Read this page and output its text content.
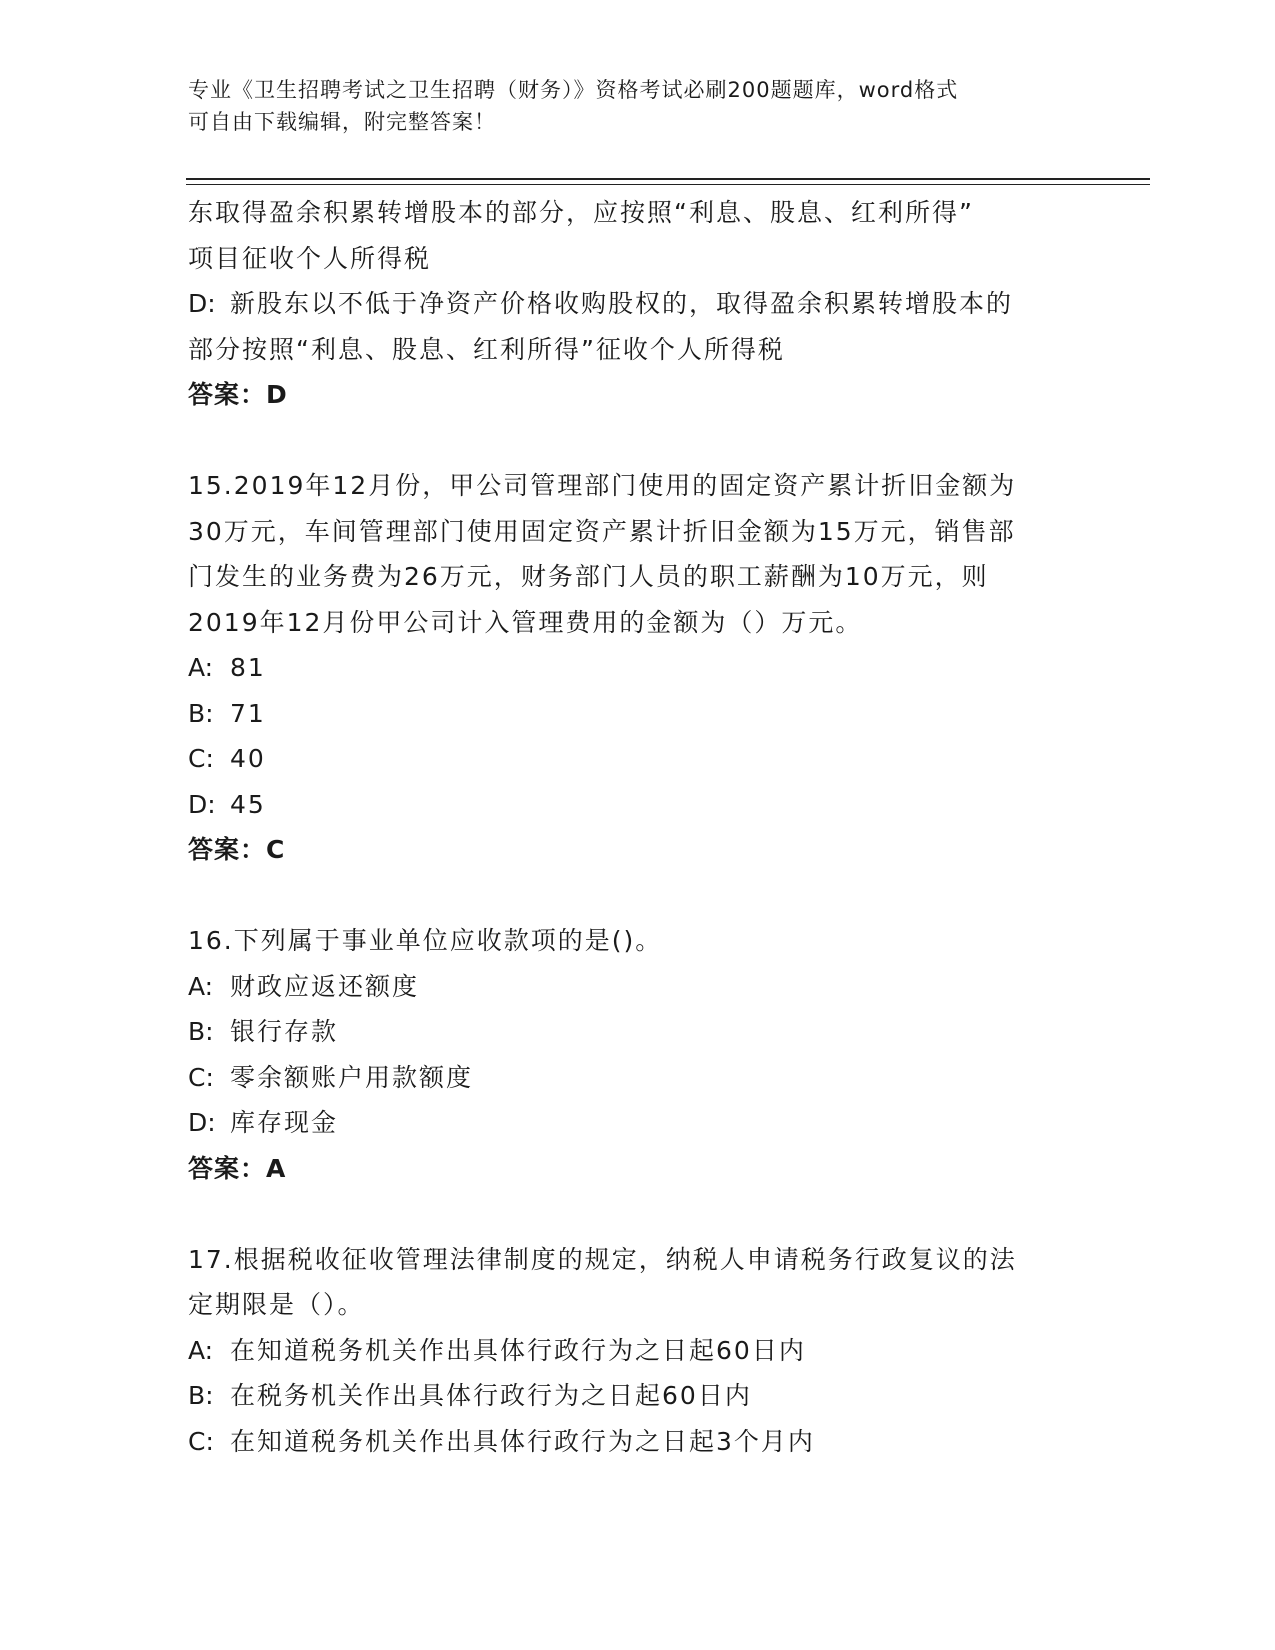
专业《卫生招聘考试之卫生招聘（财务）》资格考试必刷200题题库，word格式
可自由下载编辑，附完整答案！
东取得盈余积累转增股本的部分，应按照“利息、股息、红利所得”
项目征收个人所得税
D: 新股东以不低于净资产价格收购股权的，取得盈余积累转增股本的
部分按照“利息、股息、红利所得”征收个人所得税
答案：D
15.2019年12月份，甲公司管理部门使用的固定资产累计折旧金额为
30万元，车间管理部门使用固定资产累计折旧金额为15万元，销售部
门发生的业务费为26万元，财务部门人员的职工薪酬为10万元，则
2019年12月份甲公司计入管理费用的金额为（）万元。
A: 81
B: 71
C: 40
D: 45
答案：C
16.下列属于事业单位应收款项的是()。
A: 财政应返还额度
B: 银行存款
C: 零余额账户用款额度
D: 库存现金
答案：A
17.根据税收征收管理法律制度的规定，纳税人申请税务行政复议的法
定期限是（）。
A: 在知道税务机关作出具体行政行为之日起60日内
B: 在税务机关作出具体行政行为之日起60日内
C: 在知道税务机关作出具体行政行为之日起3个月内
